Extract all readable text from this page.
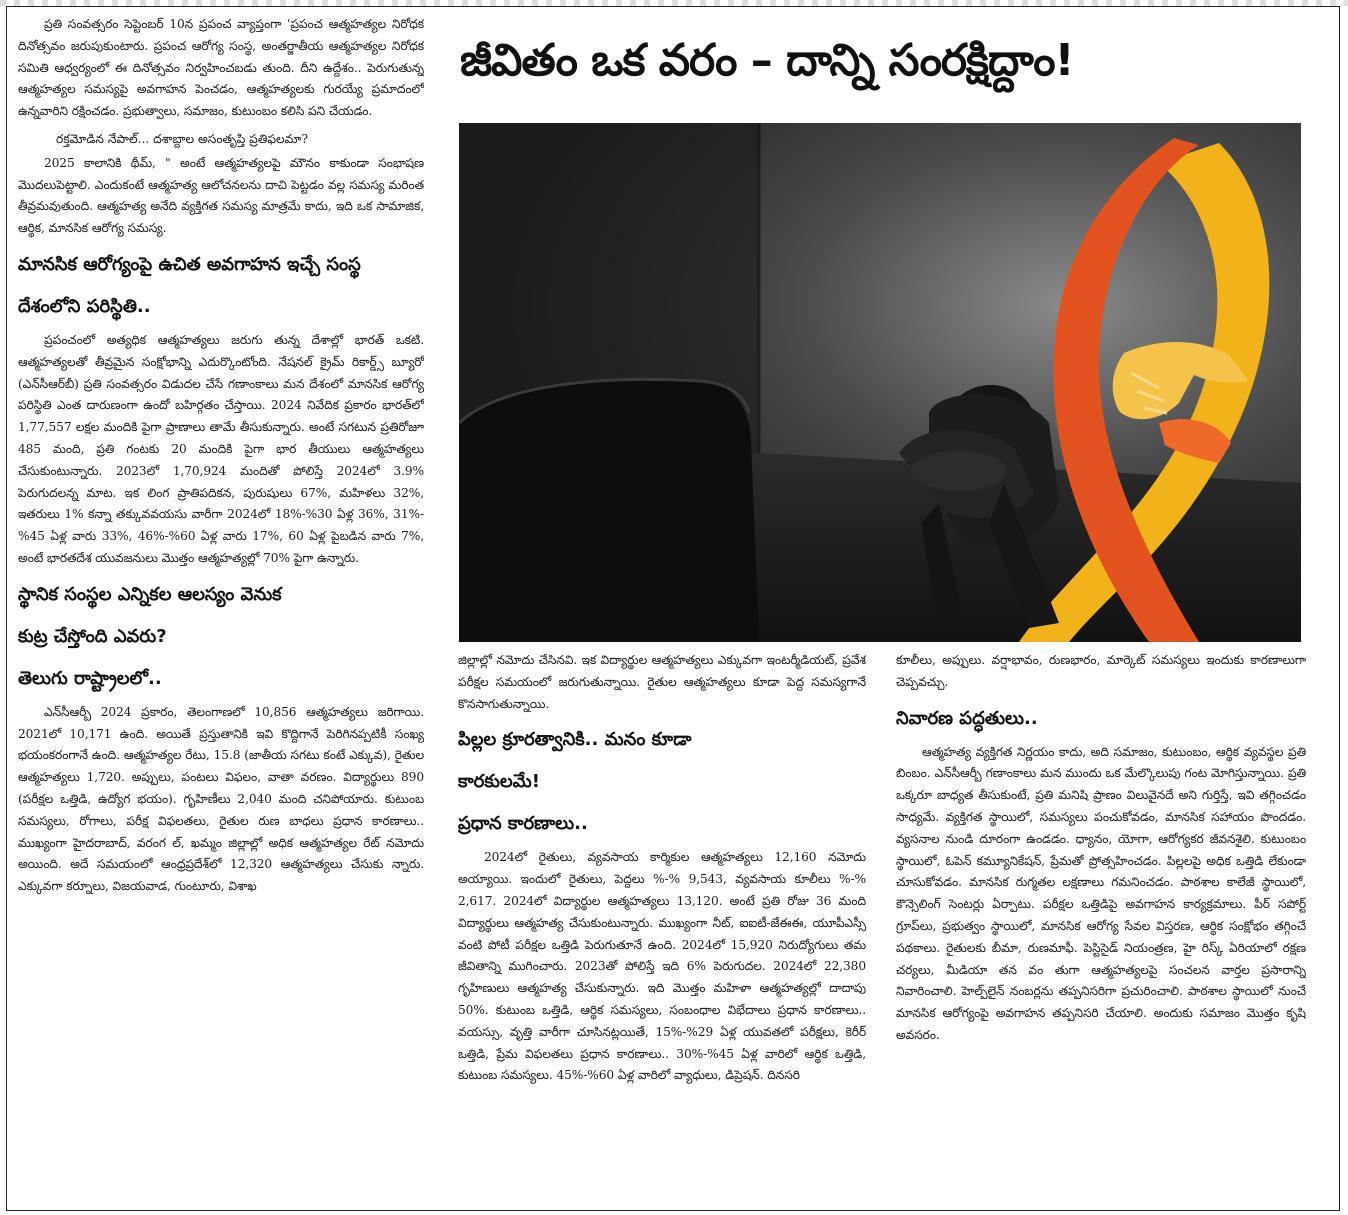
ప్రతి సంవత్సరం సెప్టెంబర్ 10న ప్రపంచ వ్యాప్తంగా 'ప్రపంచ ఆత్మహత్యల నిరోధక దినోత్సవం జరుపుకుంటారు. ప్రపంచ ఆరోగ్య సంస్థ, అంతర్జాతీయ ఆత్మహత్యల నిరోధక సమితి ఆధ్వర్యంలో ఈ దినోత్సవం నిర్వహించబడు తుంది. దీని ఉద్దేశం.. పెరుగుతున్న ఆత్మహత్యల సమస్యపై అవగాహన పెంచడం, ఆత్మహత్యలకు గురయ్యే ప్రమాదంలో ఉన్నవారిని రక్షించడం. ప్రభుత్వాలు, సమాజం, కుటుంబం కలిసి పని చేయడం.

రక్తమోడిన నేపాల్... దశాబ్దాల అసంతృప్తి ప్రతిఫలమా?

2025 కాలానికి థీమ్, " అంటే ఆత్మహత్యలపై మౌనం కాకుండా సంభాషణ మొదలుపెట్టాలి. ఎందుకంటే ఆత్మహత్య ఆలోచనలను దాచి పెట్టడం వల్ల సమస్య మరింత తీవ్రమవుతుంది. ఆత్మహత్య అనేది వ్యక్తిగత సమస్య మాత్రమే కాదు, ఇది ఒక సామాజిక, ఆర్థిక, మానసిక ఆరోగ్య సమస్య.

మానసిక ఆరోగ్యంపై ఉచిత అవగాహన ఇచ్చే సంస్థ
దేశంలోని పరిస్థితి..

ప్రపంచంలో అత్యధిక ఆత్మహత్యలు జరుగు తున్న దేశాల్లో భారత్ ఒకటి. ఆత్మహత్యలతో తీవ్రమైన సంక్షోభాన్ని ఎదుర్కొంటోంది. నేషనల్ క్రైమ్ రికార్డ్స్ బ్యూరో (ఎన్‌సీఆర్‌బీ) ప్రతి సంవత్సరం విడుదల చేసే గణాంకాలు మన దేశంలో మానసిక ఆరోగ్య పరిస్థితి ఎంత దారుణంగా ఉందో బహిర్గతం చేస్తాయి. 2024 నివేదిక ప్రకారం భారత్‌లో 1,77,557 లక్షల మందికి పైగా ప్రాణాలు తామే తీసుకున్నారు. అంటే సగటున ప్రతిరోజూ 485 మంది, ప్రతి గంటకు 20 మందికి పైగా భార తీయులు ఆత్మహత్యలు చేసుకుంటున్నారు. 2023లో 1,70,924 మందితో పోలిస్తే 2024లో 3.9% పెరుగుదలన్న మాట. ఇక లింగ ప్రాతిపదికన, పురుషులు 67%, మహిళలు 32%, ఇతరులు 1% కన్నా తక్కువవయసు వారీగా 2024లో 18%-%30 ఏళ్ల 36%, 31%-%45 ఏళ్ల వారు 33%, 46%-%60 ఏళ్ల వారు 17%, 60 ఏళ్ల పైబడిన వారు 7%, అంటే భారతదేశ యువజనులు మొత్తం ఆత్మహత్యల్లో 70% పైగా ఉన్నారు.

స్థానిక సంస్థల ఎన్నికల ఆలస్యం వెనుక
కుట్ర చేస్తోంది ఎవరు?
తెలుగు రాష్ట్రాలలో..

ఎన్‌సీఆర్బీ 2024 ప్రకారం, తెలంగాణలో 10,856 ఆత్మహత్యలు జరిగాయి. 2021లో 10,171 ఉంది. అయితే ప్రస్తుతానికి ఇవి కొద్దిగానే పెరిగినప్పటికీ సంఖ్య భయంకరంగానే ఉంది. ఆత్మహత్యల రేటు, 15.8 (జాతీయ సగటు కంటే ఎక్కువ), రైతుల ఆత్మహత్యలు 1,720. అప్పులు, పంటలు విఫలం, వాతా వరణం. విద్యార్థులు 890 (పరీక్షల ఒత్తిడి, ఉద్యోగ భయం). గృహిణీలు 2,040 మంది చనిపోయారు. కుటుంబ సమస్యలు, రోగాలు, పరీక్ష విఫలతలు, రైతుల రుణ బాధలు ప్రధాన కారణాలు.. ముఖ్యంగా హైదరాబాద్, వరంగ ల్, ఖమ్మం జిల్లాల్లో అధిక ఆత్మహత్యల రేట్ నమోదు అయింది. అదే సమయంలో ఆంధ్రప్రదేశ్‌లో 12,320 ఆత్మహత్యలు చేసుకు న్నారు. ఎక్కువగా కర్నూలు, విజయవాడ, గుంటూరు, విశాఖ

జీవితం ఒక వరం – దాన్ని సంరక్షిద్దాం!

జిల్లాల్లో నమోదు చేసినవి. ఇక విద్యార్థుల ఆత్మహత్యలు ఎక్కువగా ఇంటర్మీడియట్, ప్రవేశ పరీక్షల సమయంలో జరుగుతున్నాయి. రైతుల ఆత్మహత్యలు కూడా పెద్ద సమస్యగానే కొనసాగుతున్నాయి.

పిల్లల క్రూరత్వానికి.. మనం కూడా
కారకులమే!
ప్రధాన కారణాలు..

2024లో రైతులు, వ్యవసాయ కార్మికుల ఆత్మహత్యలు 12,160 నమోదు అయ్యాయి. ఇందులో రైతులు, పెద్దలు %-% 9,543, వ్యవసాయ కూలీలు %-% 2,617. 2024లో విద్యార్థుల ఆత్మహత్యలు 13,120. అంటే ప్రతి రోజు 36 మంది విద్యార్థులు ఆత్మహత్య చేసుకుంటున్నారు. ముఖ్యంగా నీట్, ఐఐటీ-జేఈఈ, యూపీఎస్సీ వంటి పోటీ పరీక్షల ఒత్తిడి పెరుగుతూనే ఉంది. 2024లో 15,920 నిరుద్యోగులు తమ జీవితాన్ని ముగించారు. 2023తో పోలిస్తే ఇది 6% పెరుగుదల. 2024లో 22,380 గృహిణులు ఆత్మహత్య చేసుకున్నారు. ఇది మొత్తం మహిళా ఆత్మహత్యల్లో దాదాపు 50%. కుటుంబ ఒత్తిడి, ఆర్థిక సమస్యలు, సంబంధాల విభేదాలు ప్రధాన కారణాలు.. వయస్సు, వృత్తి వారీగా చూసినట్లయితే, 15%-%29 ఏళ్ల యువతలో పరీక్షలు, కెరీర్ ఒత్తిడి, ప్రేమ విఫలతలు ప్రధాన కారణాలు.. 30%-%45 ఏళ్ల వారిలో ఆర్థిక ఒత్తిడి, కుటుంబ సమస్యలు. 45%-%60 ఏళ్ల వారిలో వ్యాధులు, డిప్రెషన్. దినసరి

కూలీలు, అప్పులు. వర్షాభావం, రుణభారం, మార్కెట్ సమస్యలు ఇందుకు కారణాలుగా చెప్పవచ్చు.

నివారణ పద్ధతులు..

ఆత్మహత్య వ్యక్తిగత నిర్ణయం కాదు, అది సమాజం, కుటుంబం, ఆర్థిక వ్యవస్థల ప్రతి బింబం. ఎన్‌సీఆర్బీ గణాంకాలు మన ముందు ఒక మేల్కొలుపు గంట మోగిస్తున్నాయి. ప్రతి ఒక్కరూ బాధ్యత తీసుకుంటే, ప్రతి మనిషి ప్రాణం విలువైనదే అని గుర్తిస్తే, ఇవి తగ్గించడం సాధ్యమే. వ్యక్తిగత స్థాయిలో, సమస్యలు పంచుకోవడం, మానసిక సహాయం పొందడం. వ్యసనాల నుండి దూరంగా ఉండడం. ధ్యానం, యోగా, ఆరోగ్యకర జీవనశైలి. కుటుంబం స్థాయిలో, ఓపెన్ కమ్యూనికేషన్, ప్రేమతో ప్రోత్సహించడం. పిల్లలపై అధిక ఒత్తిడి లేకుండా చూసుకోవడం. మానసిక రుగ్మతల లక్షణాలు గమనించడం. పాఠశాల కాలేజీ స్థాయిలో, కౌన్సెలింగ్ సెంటర్లు ఏర్పాటు. పరీక్షల ఒత్తిడిపై అవగాహన కార్యక్రమాలు. పీర్ సపోర్ట్ గ్రూప్‌లు, ప్రభుత్వం స్థాయిలో, మానసిక ఆరోగ్య సేవల విస్తరణ, ఆర్థిక సంక్షోభం తగ్గించే పథకాలు. రైతులకు బీమా, రుణమాఫీ. పెస్టిసైడ్ నియంత్రణ, హై రిస్క్ ఏరియాలో రక్షణ చర్యలు, మీడియా తన వం తుగా ఆత్మహత్యలపై సంచలన వార్తల ప్రసారాన్ని నివారించాలి. హెల్ప్‌లైన్ నంబర్లను తప్పనిసరిగా ప్రచురించాలి. పాఠశాల స్థాయిలో నుంచే మానసిక ఆరోగ్యంపై అవగాహన తప్పనిసరి చేయాలి. అందుకు సమాజం మొత్తం కృషి అవసరం.
